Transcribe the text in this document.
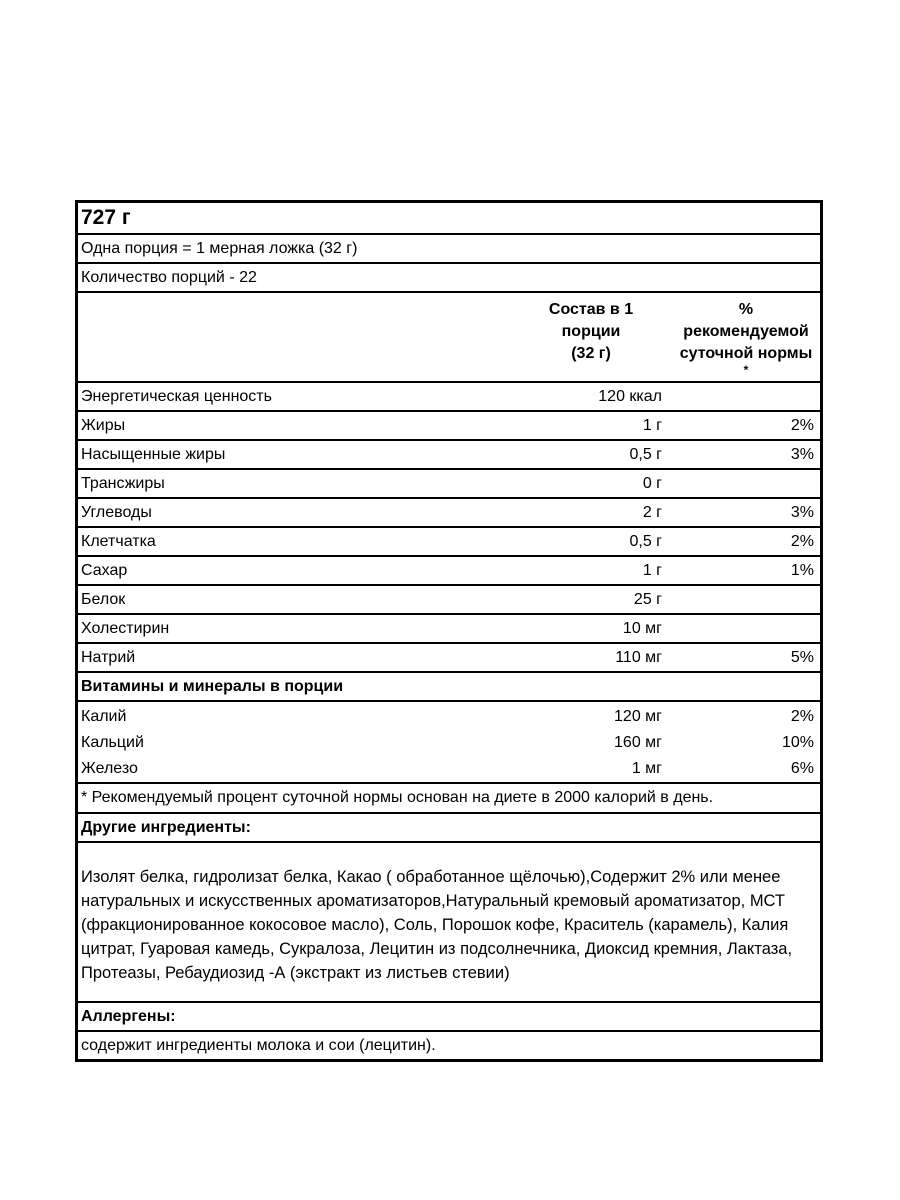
727 г
Одна порция = 1 мерная ложка (32 г)
Количество порций - 22
Состав в 1
порции
(32 г)
%
рекомендуемой
суточной нормы
*
Энергетическая ценность	120 ккал
Жиры	1 г	2%
Насыщенные жиры	0,5 г	3%
Трансжиры	0 г
Углеводы	2 г	3%
Клетчатка	0,5 г	2%
Сахар	1 г	1%
Белок	25 г
Холестирин	10 мг
Натрий	110 мг	5%
Витамины и минералы в порции
Калий	120 мг	2%
Кальций	160 мг	10%
Железо	1 мг	6%
* Рекомендуемый процент суточной нормы основан на диете в 2000 калорий в день.
Другие ингредиенты:
Изолят белка, гидролизат белка, Какао ( обработанное щёлочью),Содержит 2% или менее натуральных и искусственных ароматизаторов,Натуральный кремовый ароматизатор, МСТ (фракционированное кокосовое масло), Соль, Порошок кофе, Краситель (карамель), Калия цитрат, Гуаровая камедь, Сукралоза, Лецитин из подсолнечника, Диоксид кремния, Лактаза, Протеазы, Ребаудиозид -А (экстракт из листьев стевии)
Аллергены:
содержит ингредиенты молока и сои (лецитин).
